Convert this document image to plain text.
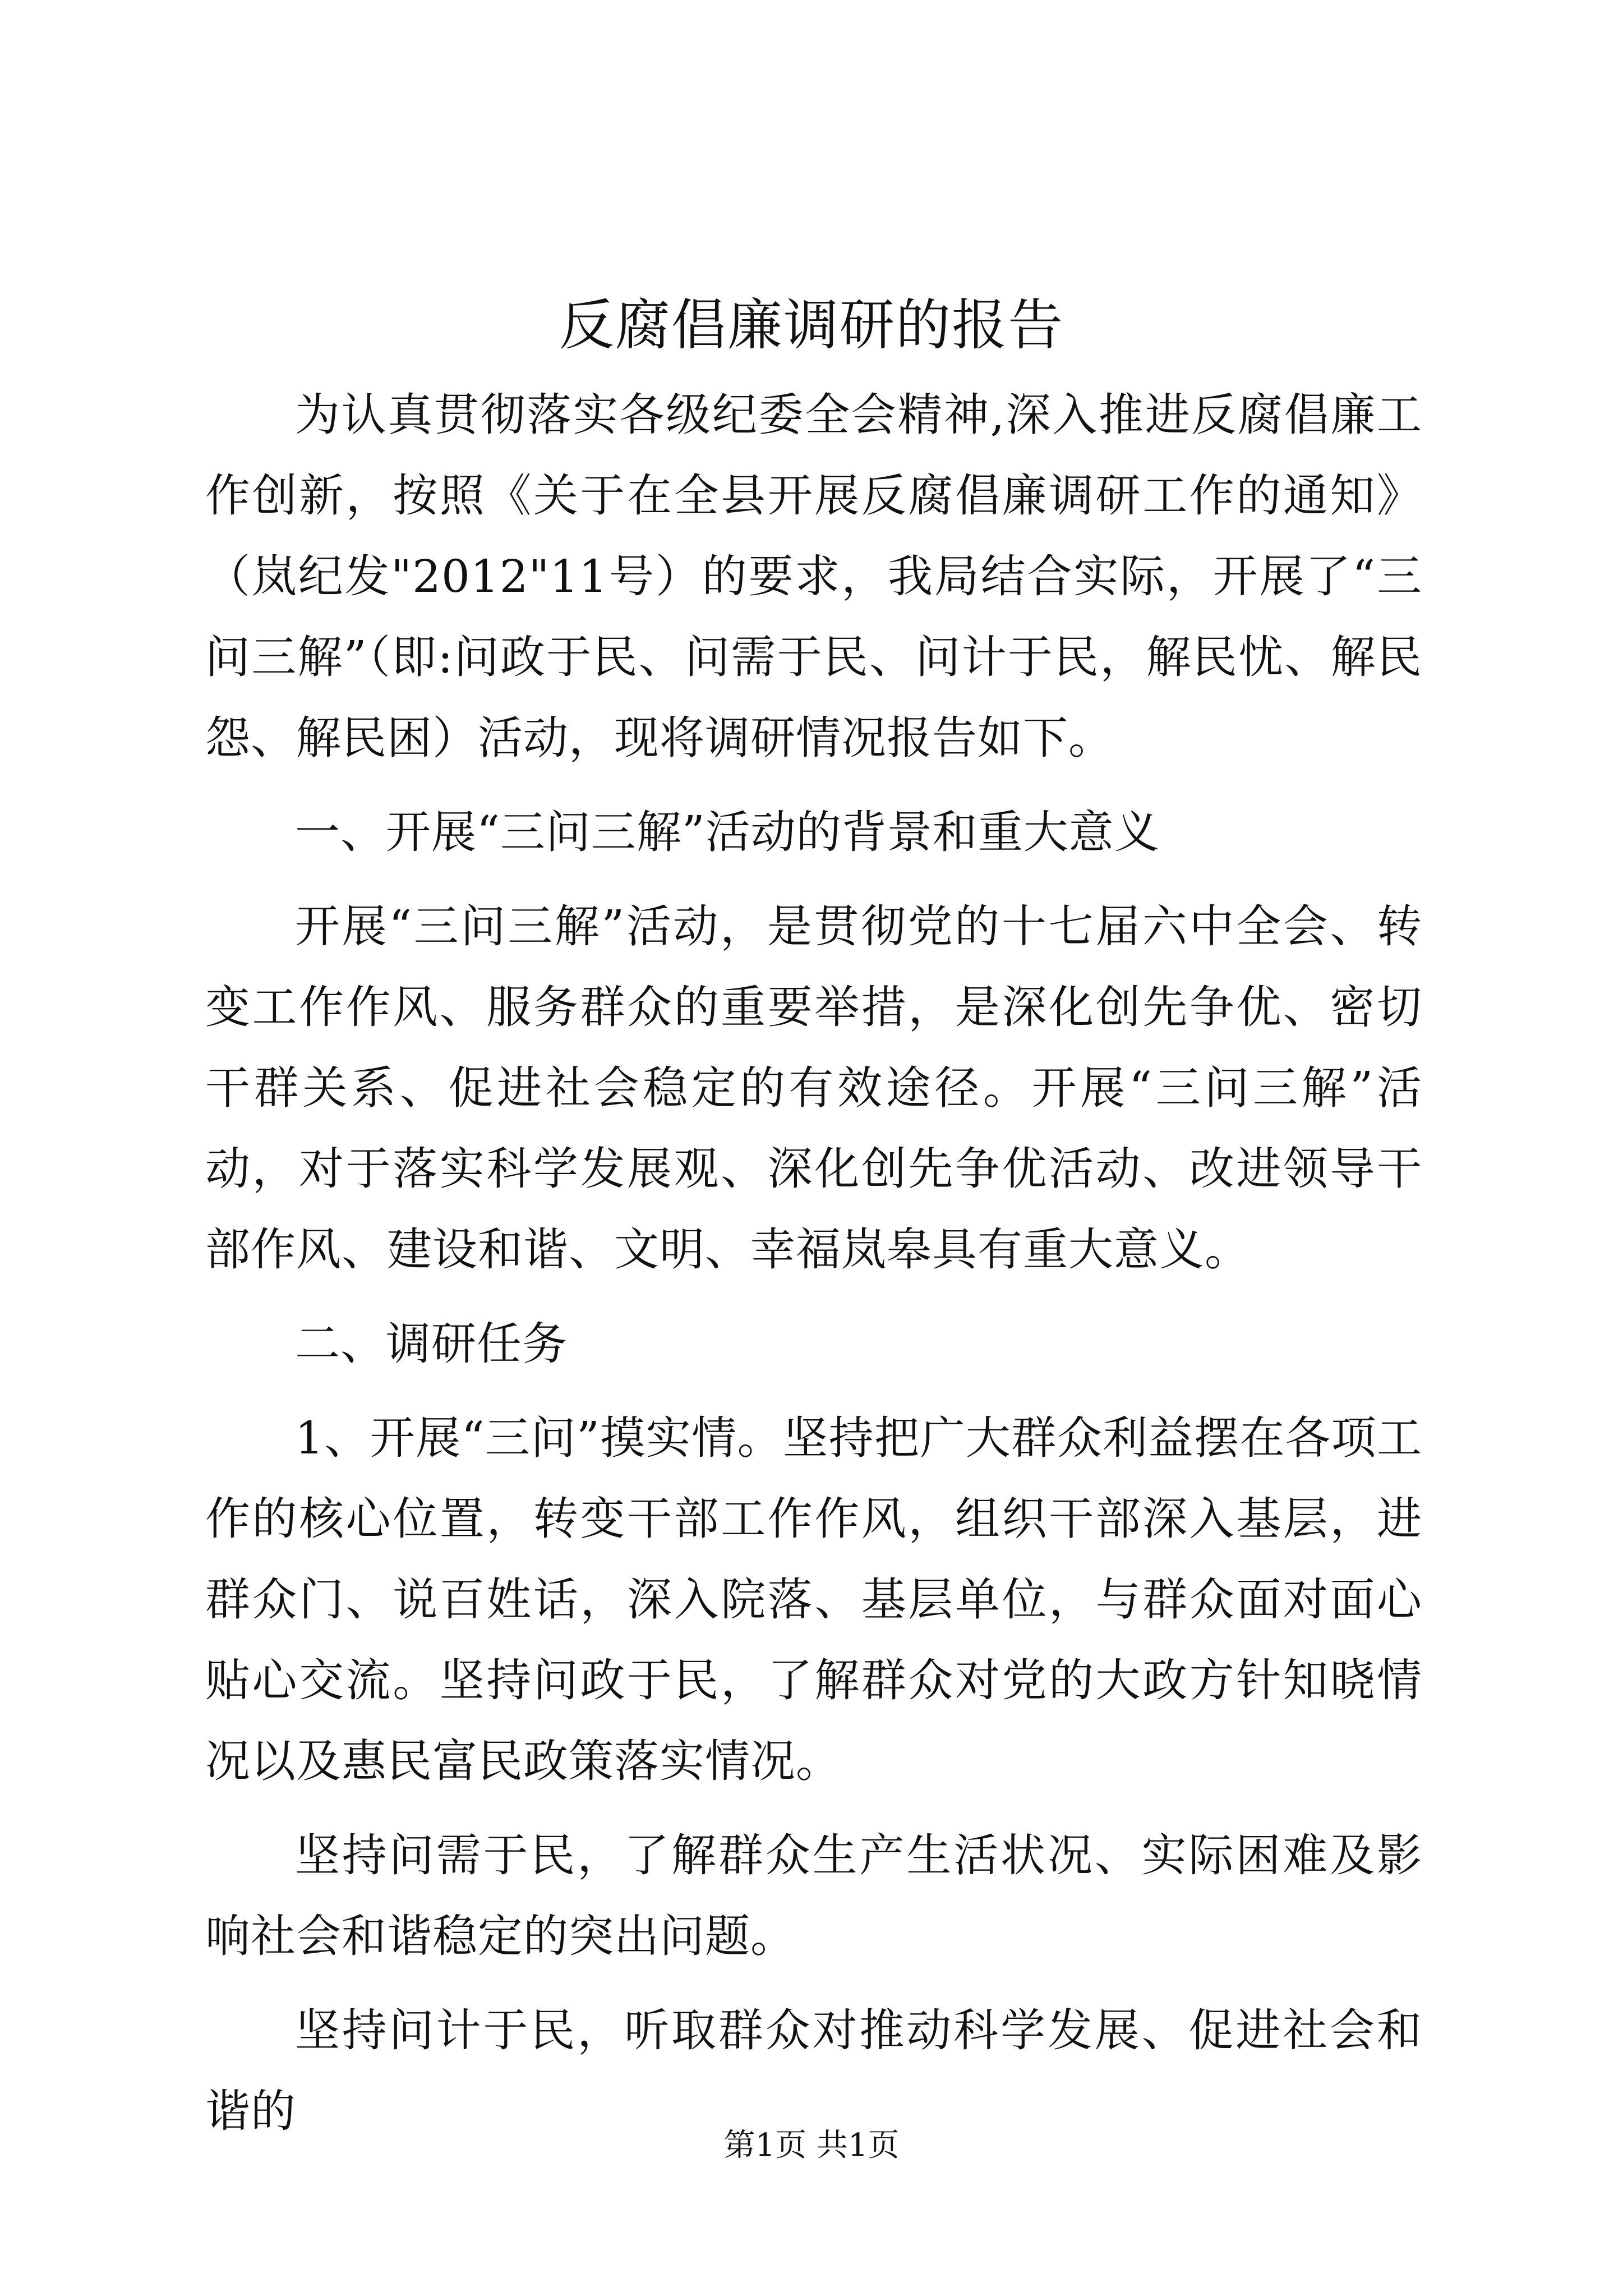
反腐倡廉调研的报告

为认真贯彻落实各级纪委全会精神,深入推进反腐倡廉工作创新，按照《关于在全县开展反腐倡廉调研工作的通知》（岚纪发"2012"11号）的要求，我局结合实际，开展了“三问三解”（即:问政于民、问需于民、问计于民，解民忧、解民怨、解民困）活动，现将调研情况报告如下。

一、开展“三问三解”活动的背景和重大意义

开展“三问三解”活动，是贯彻党的十七届六中全会、转变工作作风、服务群众的重要举措，是深化创先争优、密切干群关系、促进社会稳定的有效途径。开展“三问三解”活动，对于落实科学发展观、深化创先争优活动、改进领导干部作风、建设和谐、文明、幸福岚皋具有重大意义。

二、调研任务

1、开展“三问”摸实情。坚持把广大群众利益摆在各项工作的核心位置，转变干部工作作风，组织干部深入基层，进群众门、说百姓话，深入院落、基层单位，与群众面对面心贴心交流。坚持问政于民，了解群众对党的大政方针知晓情况以及惠民富民政策落实情况。

坚持问需于民，了解群众生产生活状况、实际困难及影响社会和谐稳定的突出问题。

坚持问计于民，听取群众对推动科学发展、促进社会和谐的

第1页 共1页
